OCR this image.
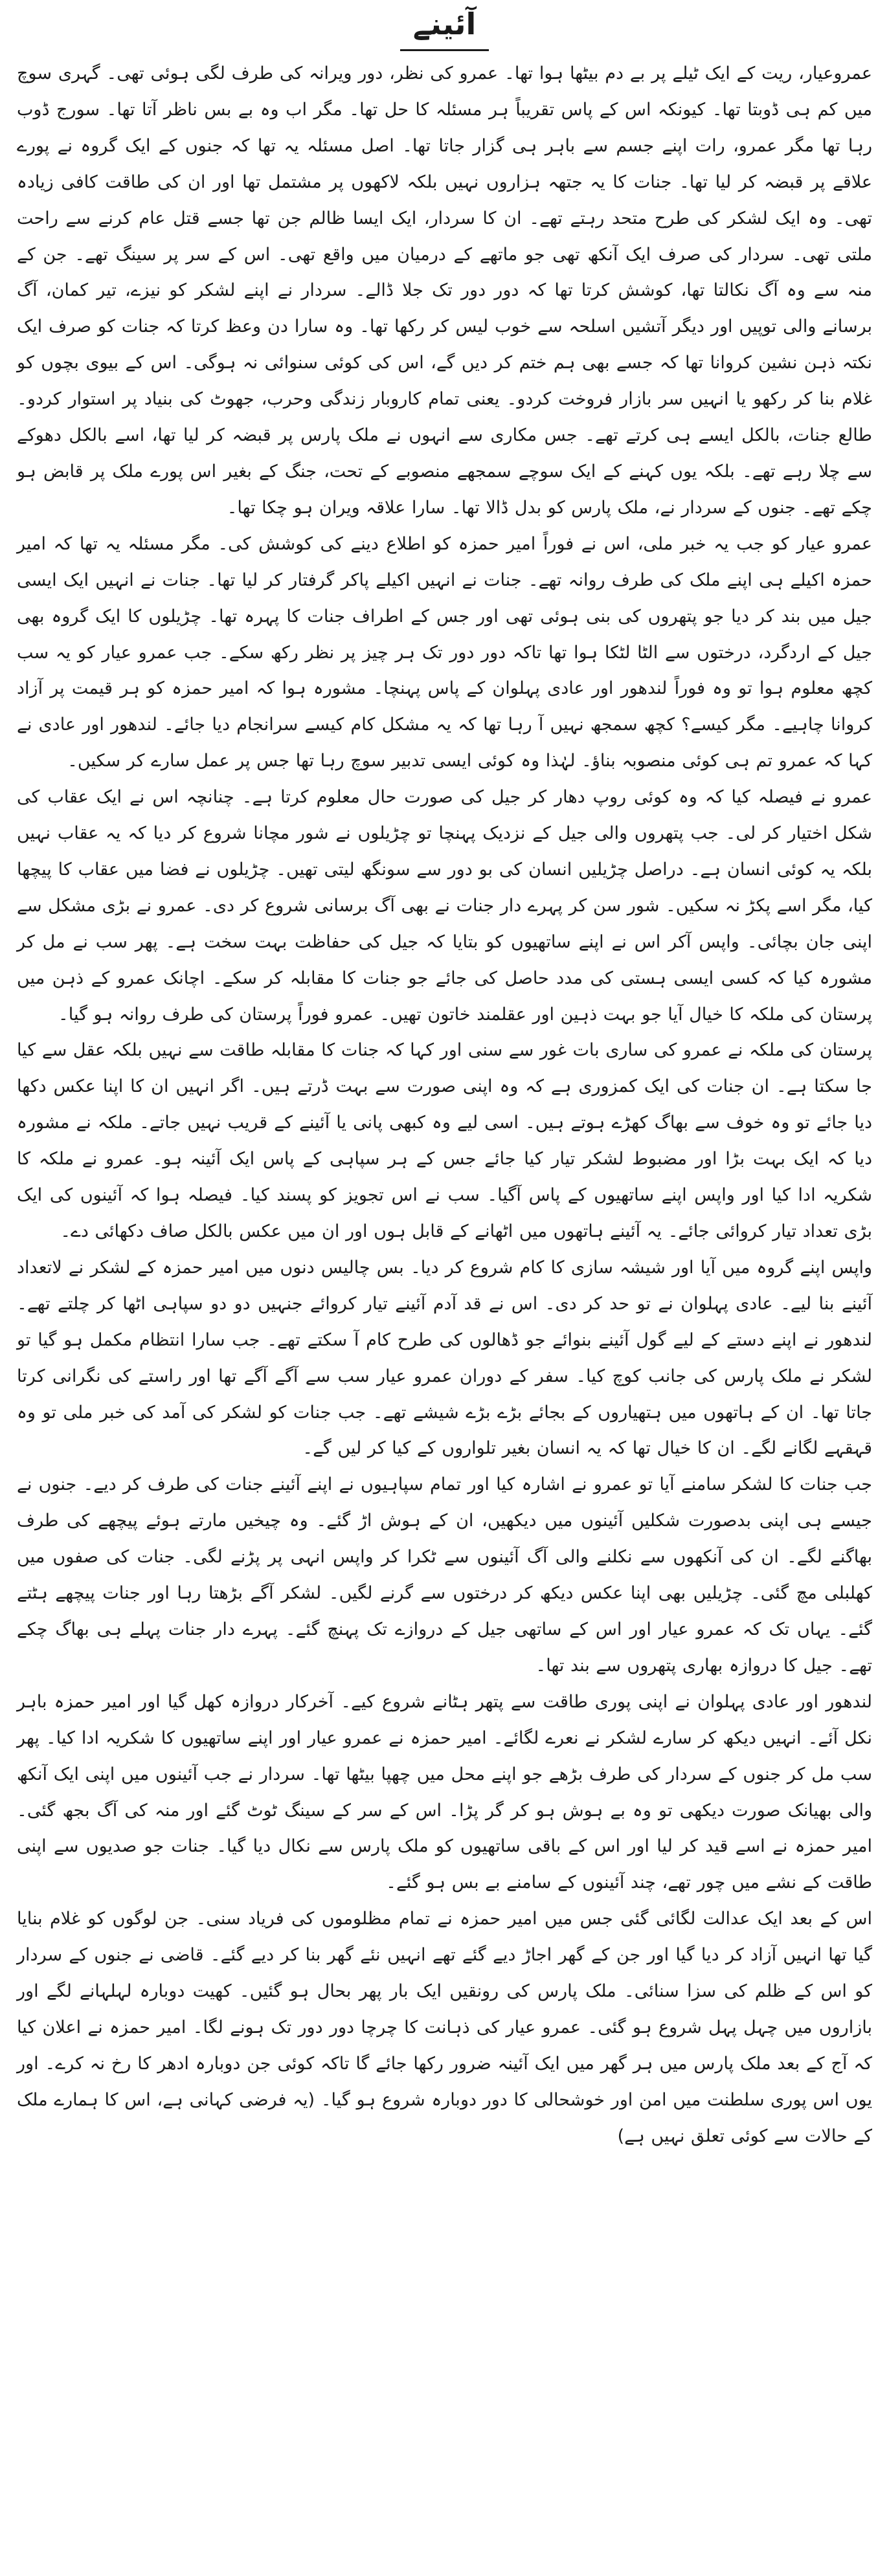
آئینے

عمروعیار، ریت کے ایک ٹیلے پر بے دم بیٹھا ہوا تھا۔ عمرو کی نظر، دور ویرانہ کی طرف لگی ہوئی تھی۔ گہری سوچ میں کم ہی ڈوبتا تھا۔ کیونکہ اس کے پاس تقریباً ہر مسئلہ کا حل تھا۔ مگر اب وہ بے بس ناظر آتا تھا۔ سورج ڈوب رہا تھا مگر عمرو، رات اپنے جسم سے باہر ہی گزار جاتا تھا۔ اصل مسئلہ یہ تھا کہ جنوں کے ایک گروہ نے پورے علاقے پر قبضہ کر لیا تھا۔ جنات کا یہ جتھہ ہزاروں نہیں بلکہ لاکھوں پر مشتمل تھا اور ان کی طاقت کافی زیادہ تھی۔ وہ ایک لشکر کی طرح متحد رہتے تھے۔ ان کا سردار، ایک ایسا ظالم جن تھا جسے قتل عام کرنے سے راحت ملتی تھی۔ سردار کی صرف ایک آنکھ تھی جو ماتھے کے درمیان میں واقع تھی۔ اس کے سر پر سینگ تھے۔ جن کے منہ سے وہ آگ نکالتا تھا، کوشش کرتا تھا کہ دور دور تک جلا ڈالے۔ سردار نے اپنے لشکر کو نیزے، تیر کمان، آگ برسانے والی توپیں اور دیگر آتشیں اسلحہ سے خوب لیس کر رکھا تھا۔ وہ سارا دن وعظ کرتا کہ جنات کو صرف ایک نکتہ ذہن نشین کروانا تھا کہ جسے بھی ہم ختم کر دیں گے، اس کی کوئی سنوائی نہ ہوگی۔ اس کے بیوی بچوں کو غلام بنا کر رکھو یا انہیں سر بازار فروخت کردو۔ یعنی تمام کاروبار زندگی وحرب، جھوٹ کی بنیاد پر استوار کردو۔ طالع جنات، بالکل ایسے ہی کرتے تھے۔ جس مکاری سے انہوں نے ملک پارس پر قبضہ کر لیا تھا، اسے بالکل دھوکے سے چلا رہے تھے۔ بلکہ یوں کہنے کے ایک سوچے سمجھے منصوبے کے تحت، جنگ کے بغیر اس پورے ملک پر قابض ہو چکے تھے۔ جنوں کے سردار نے، ملک پارس کو بدل ڈالا تھا۔ سارا علاقہ ویران ہو چکا تھا۔

عمرو عیار کو جب یہ خبر ملی، اس نے فوراً امیر حمزہ کو اطلاع دینے کی کوشش کی۔ مگر مسئلہ یہ تھا کہ امیر حمزہ اکیلے ہی اپنے ملک کی طرف روانہ تھے۔ جنات نے انہیں اکیلے پاکر گرفتار کر لیا تھا۔ جنات نے انہیں ایک ایسی جیل میں بند کر دیا جو پتھروں کی بنی ہوئی تھی اور جس کے اطراف جنات کا پہرہ تھا۔ چڑیلوں کا ایک گروہ بھی جیل کے اردگرد، درختوں سے الٹا لٹکا ہوا تھا تاکہ دور دور تک ہر چیز پر نظر رکھ سکے۔ جب عمرو عیار کو یہ سب کچھ معلوم ہوا تو وہ فوراً لندھور اور عادی پہلوان کے پاس پہنچا۔ مشورہ ہوا کہ امیر حمزہ کو ہر قیمت پر آزاد کروانا چاہیے۔ مگر کیسے؟ کچھ سمجھ نہیں آ رہا تھا کہ یہ مشکل کام کیسے سرانجام دیا جائے۔ لندھور اور عادی نے کہا کہ عمرو تم ہی کوئی منصوبہ بناؤ۔ لہٰذا وہ کوئی ایسی تدبیر سوچ رہا تھا جس پر عمل سارے کر سکیں۔

عمرو نے فیصلہ کیا کہ وہ کوئی روپ دھار کر جیل کی صورت حال معلوم کرتا ہے۔ چنانچہ اس نے ایک عقاب کی شکل اختیار کر لی۔ جب پتھروں والی جیل کے نزدیک پہنچا تو چڑیلوں نے شور مچانا شروع کر دیا کہ یہ عقاب نہیں بلکہ یہ کوئی انسان ہے۔ دراصل چڑیلیں انسان کی بو دور سے سونگھ لیتی تھیں۔ چڑیلوں نے فضا میں عقاب کا پیچھا کیا، مگر اسے پکڑ نہ سکیں۔ شور سن کر پہرے دار جنات نے بھی آگ برسانی شروع کر دی۔ عمرو نے بڑی مشکل سے اپنی جان بچائی۔ واپس آکر اس نے اپنے ساتھیوں کو بتایا کہ جیل کی حفاظت بہت سخت ہے۔ پھر سب نے مل کر مشورہ کیا کہ کسی ایسی ہستی کی مدد حاصل کی جائے جو جنات کا مقابلہ کر سکے۔ اچانک عمرو کے ذہن میں پرستان کی ملکہ کا خیال آیا جو بہت ذہین اور عقلمند خاتون تھیں۔ عمرو فوراً پرستان کی طرف روانہ ہو گیا۔

پرستان کی ملکہ نے عمرو کی ساری بات غور سے سنی اور کہا کہ جنات کا مقابلہ طاقت سے نہیں بلکہ عقل سے کیا جا سکتا ہے۔ ان جنات کی ایک کمزوری ہے کہ وہ اپنی صورت سے بہت ڈرتے ہیں۔ اگر انہیں ان کا اپنا عکس دکھا دیا جائے تو وہ خوف سے بھاگ کھڑے ہوتے ہیں۔ اسی لیے وہ کبھی پانی یا آئینے کے قریب نہیں جاتے۔ ملکہ نے مشورہ دیا کہ ایک بہت بڑا اور مضبوط لشکر تیار کیا جائے جس کے ہر سپاہی کے پاس ایک آئینہ ہو۔ عمرو نے ملکہ کا شکریہ ادا کیا اور واپس اپنے ساتھیوں کے پاس آگیا۔ سب نے اس تجویز کو پسند کیا۔ فیصلہ ہوا کہ آئینوں کی ایک بڑی تعداد تیار کروائی جائے۔ یہ آئینے ہاتھوں میں اٹھانے کے قابل ہوں اور ان میں عکس بالکل صاف دکھائی دے۔

واپس اپنے گروہ میں آیا اور شیشہ سازی کا کام شروع کر دیا۔ بس چالیس دنوں میں امیر حمزہ کے لشکر نے لاتعداد آئینے بنا لیے۔ عادی پہلوان نے تو حد کر دی۔ اس نے قد آدم آئینے تیار کروائے جنہیں دو دو سپاہی اٹھا کر چلتے تھے۔ لندھور نے اپنے دستے کے لیے گول آئینے بنوائے جو ڈھالوں کی طرح کام آ سکتے تھے۔ جب سارا انتظام مکمل ہو گیا تو لشکر نے ملک پارس کی جانب کوچ کیا۔ سفر کے دوران عمرو عیار سب سے آگے آگے تھا اور راستے کی نگرانی کرتا جاتا تھا۔ ان کے ہاتھوں میں ہتھیاروں کے بجائے بڑے بڑے شیشے تھے۔ جب جنات کو لشکر کی آمد کی خبر ملی تو وہ قہقہے لگانے لگے۔ ان کا خیال تھا کہ یہ انسان بغیر تلواروں کے کیا کر لیں گے۔

جب جنات کا لشکر سامنے آیا تو عمرو نے اشارہ کیا اور تمام سپاہیوں نے اپنے آئینے جنات کی طرف کر دیے۔ جنوں نے جیسے ہی اپنی بدصورت شکلیں آئینوں میں دیکھیں، ان کے ہوش اڑ گئے۔ وہ چیخیں مارتے ہوئے پیچھے کی طرف بھاگنے لگے۔ ان کی آنکھوں سے نکلنے والی آگ آئینوں سے ٹکرا کر واپس انہی پر پڑنے لگی۔ جنات کی صفوں میں کھلبلی مچ گئی۔ چڑیلیں بھی اپنا عکس دیکھ کر درختوں سے گرنے لگیں۔ لشکر آگے بڑھتا رہا اور جنات پیچھے ہٹتے گئے۔ یہاں تک کہ عمرو عیار اور اس کے ساتھی جیل کے دروازے تک پہنچ گئے۔ پہرے دار جنات پہلے ہی بھاگ چکے تھے۔ جیل کا دروازہ بھاری پتھروں سے بند تھا۔

لندھور اور عادی پہلوان نے اپنی پوری طاقت سے پتھر ہٹانے شروع کیے۔ آخرکار دروازہ کھل گیا اور امیر حمزہ باہر نکل آئے۔ انہیں دیکھ کر سارے لشکر نے نعرے لگائے۔ امیر حمزہ نے عمرو عیار اور اپنے ساتھیوں کا شکریہ ادا کیا۔ پھر سب مل کر جنوں کے سردار کی طرف بڑھے جو اپنے محل میں چھپا بیٹھا تھا۔ سردار نے جب آئینوں میں اپنی ایک آنکھ والی بھیانک صورت دیکھی تو وہ بے ہوش ہو کر گر پڑا۔ اس کے سر کے سینگ ٹوٹ گئے اور منہ کی آگ بجھ گئی۔ امیر حمزہ نے اسے قید کر لیا اور اس کے باقی ساتھیوں کو ملک پارس سے نکال دیا گیا۔ جنات جو صدیوں سے اپنی طاقت کے نشے میں چور تھے، چند آئینوں کے سامنے بے بس ہو گئے۔

اس کے بعد ایک عدالت لگائی گئی جس میں امیر حمزہ نے تمام مظلوموں کی فریاد سنی۔ جن لوگوں کو غلام بنایا گیا تھا انہیں آزاد کر دیا گیا اور جن کے گھر اجاڑ دیے گئے تھے انہیں نئے گھر بنا کر دیے گئے۔ قاضی نے جنوں کے سردار کو اس کے ظلم کی سزا سنائی۔ ملک پارس کی رونقیں ایک بار پھر بحال ہو گئیں۔ کھیت دوبارہ لہلہانے لگے اور بازاروں میں چہل پہل شروع ہو گئی۔ عمرو عیار کی ذہانت کا چرچا دور دور تک ہونے لگا۔ امیر حمزہ نے اعلان کیا کہ آج کے بعد ملک پارس میں ہر گھر میں ایک آئینہ ضرور رکھا جائے گا تاکہ کوئی جن دوبارہ ادھر کا رخ نہ کرے۔ اور یوں اس پوری سلطنت میں امن اور خوشحالی کا دور دوبارہ شروع ہو گیا۔ (یہ فرضی کہانی ہے، اس کا ہمارے ملک کے حالات سے کوئی تعلق نہیں ہے)
